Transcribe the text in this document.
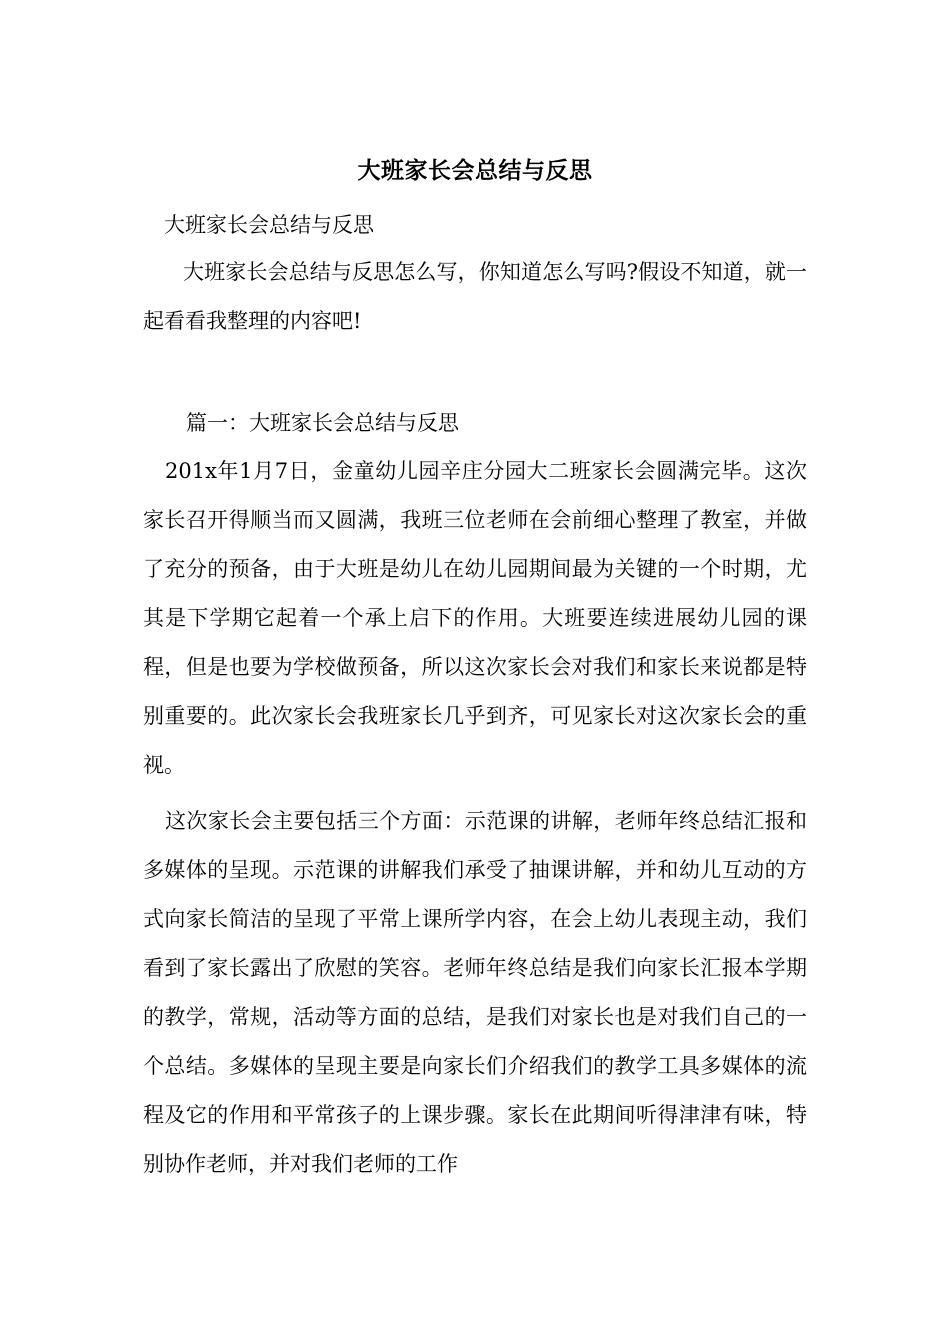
大班家长会总结与反思
大班家长会总结与反思

大班家长会总结与反思怎么写，你知道怎么写吗?假设不知道，就一起看看我整理的内容吧!

篇一：大班家长会总结与反思

201x年1月7日，金童幼儿园辛庄分园大二班家长会圆满完毕。这次家长召开得顺当而又圆满，我班三位老师在会前细心整理了教室，并做了充分的预备，由于大班是幼儿在幼儿园期间最为关键的一个时期，尤其是下学期它起着一个承上启下的作用。大班要连续进展幼儿园的课程，但是也要为学校做预备，所以这次家长会对我们和家长来说都是特别重要的。此次家长会我班家长几乎到齐，可见家长对这次家长会的重视。

这次家长会主要包括三个方面：示范课的讲解，老师年终总结汇报和多媒体的呈现。示范课的讲解我们承受了抽课讲解，并和幼儿互动的方式向家长简洁的呈现了平常上课所学内容，在会上幼儿表现主动，我们看到了家长露出了欣慰的笑容。老师年终总结是我们向家长汇报本学期的教学，常规，活动等方面的总结，是我们对家长也是对我们自己的一个总结。多媒体的呈现主要是向家长们介绍我们的教学工具多媒体的流程及它的作用和平常孩子的上课步骤。家长在此期间听得津津有味，特别协作老师，并对我们老师的工作
